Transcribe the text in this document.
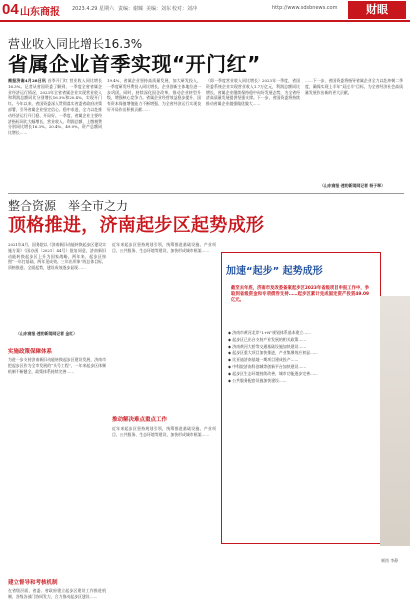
04 山东商报 2023.4.29 星期六 责编：谢臻 美编：刘东 校对：刘冲	http://www.sdsbnews.com	财眼
营业收入同比增长16.3%
省属企业首季实现“开门红”
商报济南4月28日讯 首季开门红 营业收入同比增长16.3%。记者从省国资委了解到，一季度全省省属企业经济运行情况，2023年全省省属企业实现营业收入和利润总额同比分别增长16.3%和20.4%，实现开门红。今年以来，省国资委深入贯彻落实省委省政府决策部署，引导省属企业坚定信心、稳中求进，全力以赴推动经济运行开门稳、开局好。一季度，省属企业主要经济指标同比大幅增长，营业收入、利润总额、上缴税费分别同比增长16.3%、20.4%、49.0%，资产总额同比增长……
19.4%，省属企业坚持高质量发展，加大研发投入，一季度研发经费投入同比增长，企业创新主体地位进一步巩固。同时，持续深化国企改革，推动企业转型升级，增强核心竞争力。省属企业经营效益稳步提升，国有资本保值增值能力不断增强，为全省经济运行实现良好开局作出积极贡献……
（即一季度营业收入同比增长）2023年一季度，省国资委系统企业实现营业收入1.7万亿元，利润总额同比增长，省属企业继续保持稳中向好发展态势，为全省经济高质量发展提供坚强支撑。下一步，省国资委将持续推动省属企业做强做优做大……
……下一步，省国资委将指导省属企业全力以赴冲刺二季度，确保实现上半年“双过半”目标，为全省经济社会高质量发展作出新的更大贡献。
（山东商报·速豹新闻网记者 杨子翠）
整合资源　举全市之力
顶格推进，济南起步区起势成形
2021年4月，国务院以《济南新旧动能转换起步区建设实施方案》（国办函〔2021〕44号）批复同意，济南新旧动能转换起步区上升为国家战略。两年来，起步区按照“一年打基础、两年见成效、三年出形象”的总体目标，顶格推进、全面起势，建设成效逐步显现……
（山东商报·速豹新闻网记者 金红）
实施政策保障体系
为进一步支持济南新旧动能转换起步区建设发展，济南市把起步区作为全市发展的“头号工程”，一年来起步区体制机制不断健全，政策体系持续完善……
建立督导和考核机制
在省级层面，省委、省政府建立起步区建设工作推进机制，各级各部门协同发力，合力推动起步区建设……
近年来起步区坚持规划引领，统筹推进基础设施、产业项目、公共服务、生态环境等建设，加快形成城市框架……
推动解决难点重点工作
近年来起步区坚持规划引领，统筹推进基础设施、产业项目、公共服务、生态环境等建设，加快形成城市框架……
加速“起步” 起势成形
截至去年底，济南市发改委备案起步区2023年省级项目申报工作中，争取到省级资金和专项债券支持……起步区累计完成固定资产投资49.09亿元。
◆ 济南市黄河北岸“1+N”规划体系基本建立……
◆ 起步区已出台支持产业发展的相关政策……
◆ 济南黄河大桥等交通基础设施加快建设……
◆ 起步区重大项目加快推进，产业集聚效应初显……
◆ 比亚迪济南基地一期项目建成投产……
◆ 中科院济南科创城等创新平台加快建设……
◆ 起步区生态环境持续改善，城市功能逐步完善……
◆ 公共服务配套设施加快建设……
制图 李静
